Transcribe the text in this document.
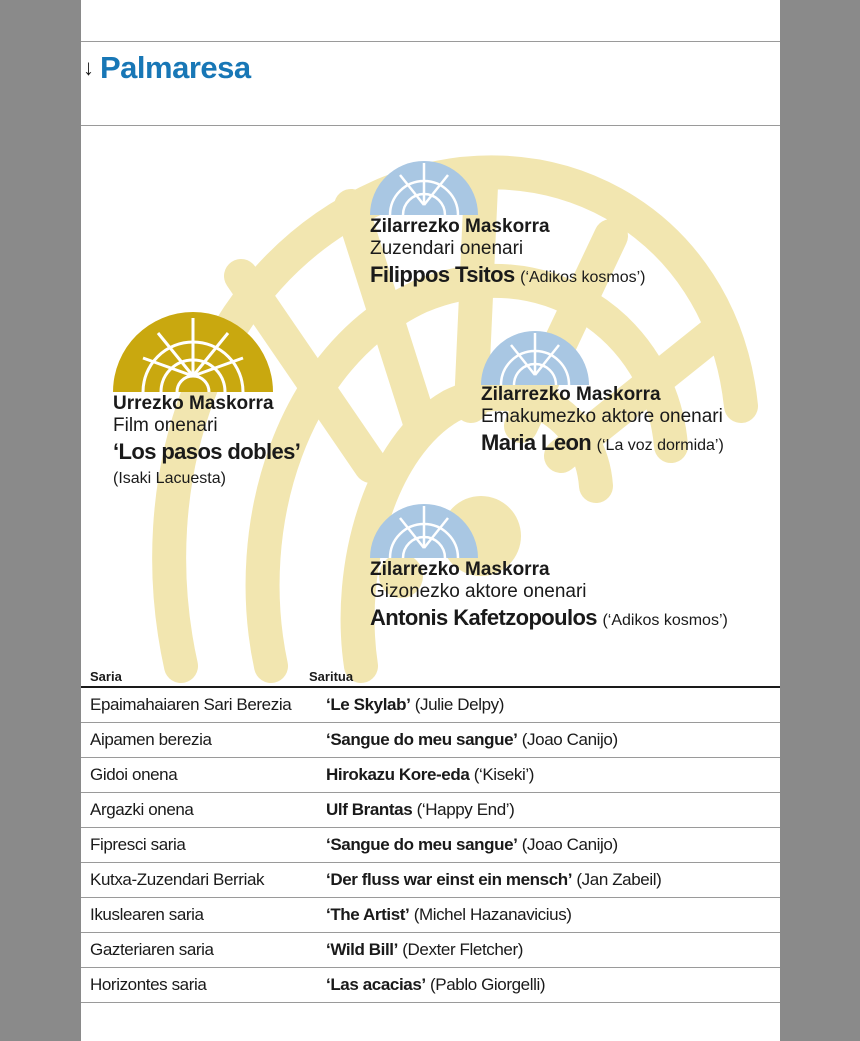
↓ Palmaresa
Urrezko Maskorra
Film onenari
‘Los pasos dobles’
(Isaki Lacuesta)
Zilarrezko Maskorra
Zuzendari onenari
Filippos Tsitos (‘Adikos kosmos’)
Zilarrezko Maskorra
Emakumezko aktore onenari
Maria Leon (‘La voz dormida’)
Zilarrezko Maskorra
Gizonezko aktore onenari
Antonis Kafetzopoulos (‘Adikos kosmos’)
Saria	Saritua
Epaimahaiaren Sari Berezia	‘Le Skylab’ (Julie Delpy)
Aipamen berezia	‘Sangue do meu sangue’ (Joao Canijo)
Gidoi onena	Hirokazu Kore-eda (‘Kiseki’)
Argazki onena	Ulf Brantas (‘Happy End’)
Fipresci saria	‘Sangue do meu sangue’ (Joao Canijo)
Kutxa-Zuzendari Berriak	‘Der fluss war einst ein mensch’ (Jan Zabeil)
Ikuslearen saria	‘The Artist’ (Michel Hazanavicius)
Gazteriaren saria	‘Wild Bill’ (Dexter Fletcher)
Horizontes saria	‘Las acacias’ (Pablo Giorgelli)
